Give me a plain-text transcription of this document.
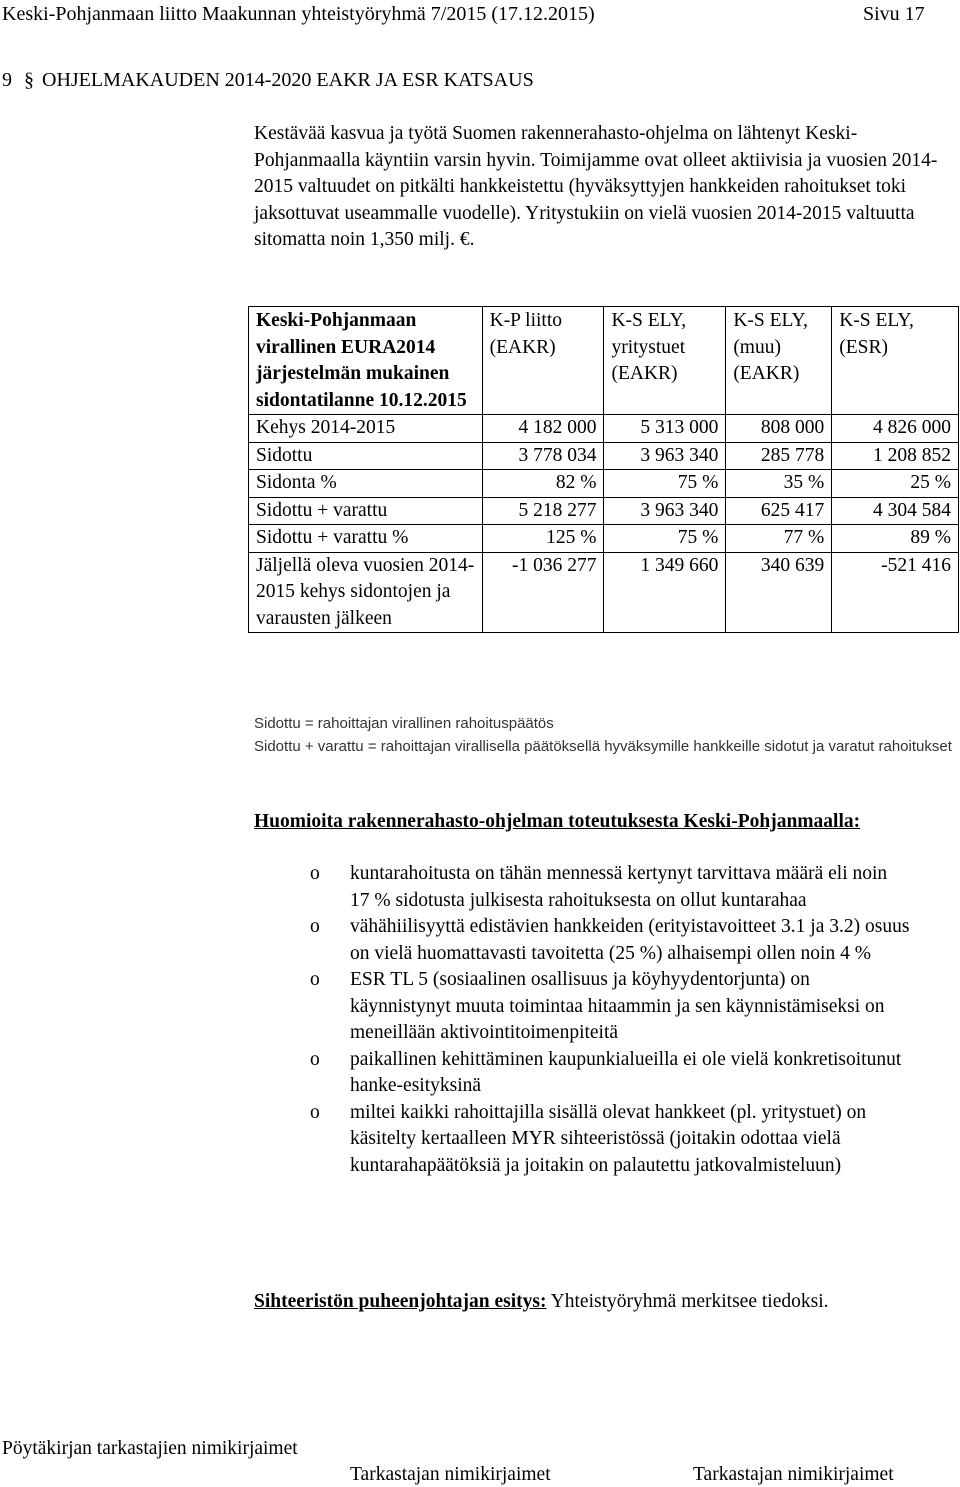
Keski-Pohjanmaan liitto Maakunnan yhteistyöryhmä 7/2015 (17.12.2015)	Sivu 17
9 § OHJELMAKAUDEN 2014-2020 EAKR JA ESR KATSAUS

Kestävää kasvua ja työtä Suomen rakennerahasto-ohjelma on lähtenyt Keski-Pohjanmaalla käyntiin varsin hyvin. Toimijamme ovat olleet aktiivisia ja vuosien 2014-2015 valtuudet on pitkälti hankkeistettu (hyväksyttyjen hankkeiden rahoitukset toki jaksottuvat useammalle vuodelle). Yritystukiin on vielä vuosien 2014-2015 valtuutta sitomatta noin 1,350 milj. €.

Keski-Pohjanmaan virallinen EURA2014 järjestelmän mukainen sidontatilanne 10.12.2015	K-P liitto (EAKR)	K-S ELY, yritystuet (EAKR)	K-S ELY, (muu) (EAKR)	K-S ELY, (ESR)
Kehys 2014-2015	4 182 000	5 313 000	808 000	4 826 000
Sidottu	3 778 034	3 963 340	285 778	1 208 852
Sidonta %	82 %	75 %	35 %	25 %
Sidottu + varattu	5 218 277	3 963 340	625 417	4 304 584
Sidottu + varattu %	125 %	75 %	77 %	89 %
Jäljellä oleva vuosien 2014-2015 kehys sidontojen ja varausten jälkeen	-1 036 277	1 349 660	340 639	-521 416

Sidottu = rahoittajan virallinen rahoituspäätös

Sidottu + varattu = rahoittajan virallisella päätöksellä hyväksymille hankkeille sidotut ja varatut rahoitukset

Huomioita rakennerahasto-ohjelman toteutuksesta Keski-Pohjanmaalla:
o kuntarahoitusta on tähän mennessä kertynyt tarvittava määrä eli noin 17 % sidotusta julkisesta rahoituksesta on ollut kuntarahaa
o vähähiilisyyttä edistävien hankkeiden (erityistavoitteet 3.1 ja 3.2) osuus on vielä huomattavasti tavoitetta (25 %) alhaisempi ollen noin 4 %
o ESR TL 5 (sosiaalinen osallisuus ja köyhyydentorjunta) on käynnistynyt muuta toimintaa hitaammin ja sen käynnistämiseksi on meneillään aktivointitoimenpiteitä
o paikallinen kehittäminen kaupunkialueilla ei ole vielä konkretisoitunut hanke-esityksinä
o miltei kaikki rahoittajilla sisällä olevat hankkeet (pl. yritystuet) on käsitelty kertaalleen MYR sihteeristössä (joitakin odottaa vielä kuntarahapäätöksiä ja joitakin on palautettu jatkovalmisteluun)
Sihteeristön puheenjohtajan esitys: Yhteistyöryhmä merkitsee tiedoksi.
Pöytäkirjan tarkastajien nimikirjaimet
Tarkastajan nimikirjaimet	Tarkastajan nimikirjaimet
